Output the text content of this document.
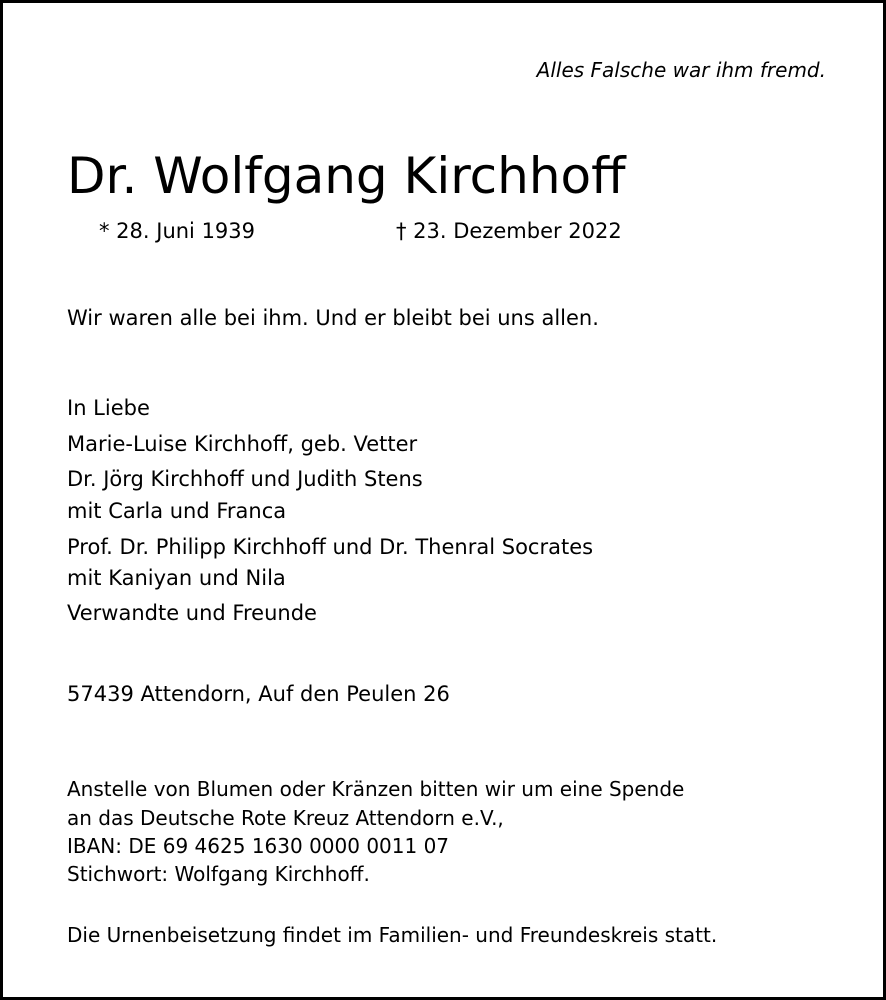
Alles Falsche war ihm fremd.
Dr. Wolfgang Kirchhoff
* 28. Juni 1939	† 23. Dezember 2022
Wir waren alle bei ihm. Und er bleibt bei uns allen.
In Liebe
Marie-Luise Kirchhoff, geb. Vetter
Dr. Jörg Kirchhoff und Judith Stens
mit Carla und Franca
Prof. Dr. Philipp Kirchhoff und Dr. Thenral Socrates
mit Kaniyan und Nila
Verwandte und Freunde
57439 Attendorn, Auf den Peulen 26
Anstelle von Blumen oder Kränzen bitten wir um eine Spende
an das Deutsche Rote Kreuz Attendorn e.V.,
IBAN: DE 69 4625 1630 0000 0011 07
Stichwort: Wolfgang Kirchhoff.
Die Urnenbeisetzung findet im Familien- und Freundeskreis statt.
